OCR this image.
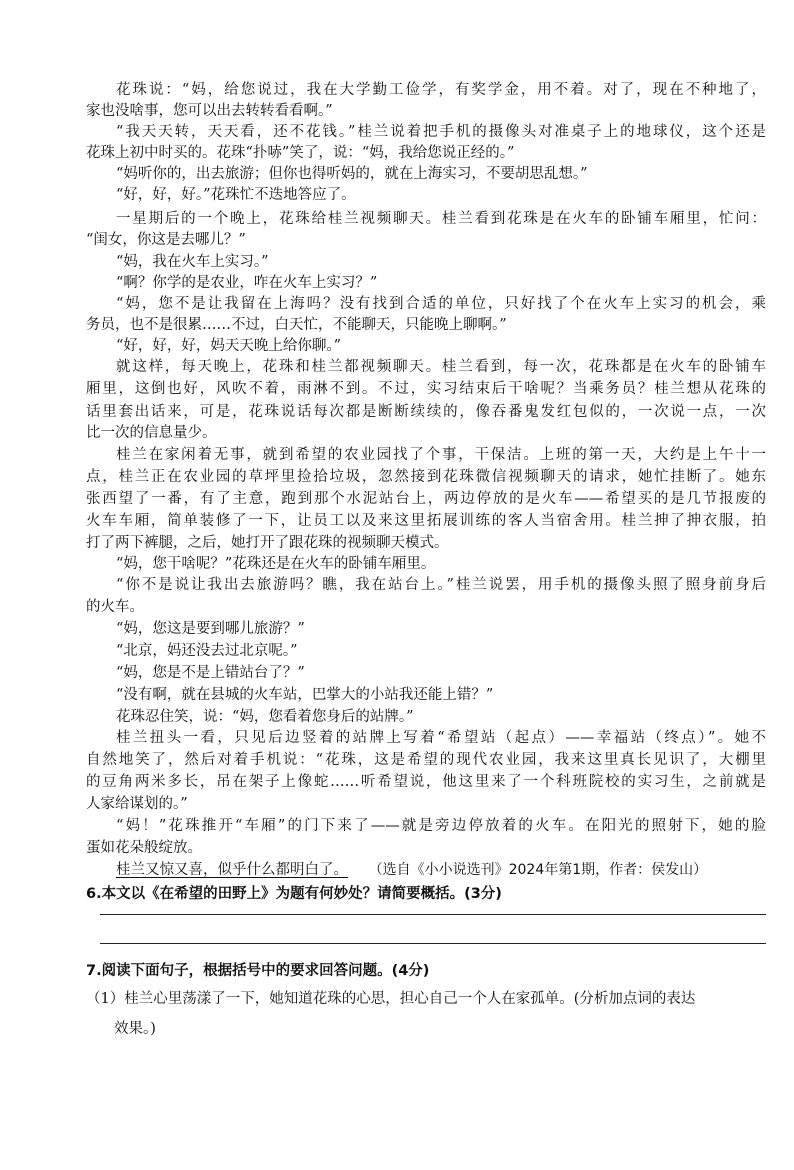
花珠说：“妈，给您说过，我在大学勤工俭学，有奖学金，用不着。对了，现在不种地了，
家也没啥事，您可以出去转转看看啊。”
“我天天转，天天看，还不花钱。”桂兰说着把手机的摄像头对准桌子上的地球仪，这个还是
花珠上初中时买的。花珠“扑哧”笑了，说：“妈，我给您说正经的。”
“妈听你的，出去旅游；但你也得听妈的，就在上海实习，不要胡思乱想。”
“好，好，好。”花珠忙不迭地答应了。
一星期后的一个晚上，花珠给桂兰视频聊天。桂兰看到花珠是在火车的卧铺车厢里，忙问：
“闺女，你这是去哪儿？”
“妈，我在火车上实习。”
“啊？你学的是农业，咋在火车上实习？”
“妈，您不是让我留在上海吗？没有找到合适的单位，只好找了个在火车上实习的机会，乘
务员，也不是很累……不过，白天忙，不能聊天，只能晚上聊啊。”
“好，好，好，妈天天晚上给你聊。”
就这样，每天晚上，花珠和桂兰都视频聊天。桂兰看到，每一次，花珠都是在火车的卧铺车
厢里，这倒也好，风吹不着，雨淋不到。不过，实习结束后干啥呢？当乘务员？桂兰想从花珠的
话里套出话来，可是，花珠说话每次都是断断续续的，像吞番鬼发红包似的，一次说一点，一次
比一次的信息量少。
桂兰在家闲着无事，就到希望的农业园找了个事，干保洁。上班的第一天，大约是上午十一
点，桂兰正在农业园的草坪里捡拾垃圾，忽然接到花珠微信视频聊天的请求，她忙挂断了。她东
张西望了一番，有了主意，跑到那个水泥站台上，两边停放的是火车——希望买的是几节报废的
火车车厢，简单装修了一下，让员工以及来这里拓展训练的客人当宿舍用。桂兰抻了抻衣服，拍
打了两下裤腿，之后，她打开了跟花珠的视频聊天模式。
“妈，您干啥呢？”花珠还是在火车的卧铺车厢里。
“你不是说让我出去旅游吗？瞧，我在站台上。”桂兰说罢，用手机的摄像头照了照身前身后
的火车。
“妈，您这是要到哪儿旅游？”
“北京，妈还没去过北京呢。”
“妈，您是不是上错站台了？”
“没有啊，就在县城的火车站，巴掌大的小站我还能上错？”
花珠忍住笑，说：“妈，您看着您身后的站牌。”
桂兰扭头一看，只见后边竖着的站牌上写着“希望站（起点）——幸福站（终点）”。她不
自然地笑了，然后对着手机说：“花珠，这是希望的现代农业园，我来这里真长见识了，大棚里
的豆角两米多长，吊在架子上像蛇……听希望说，他这里来了一个科班院校的实习生，之前就是
人家给谋划的。”
“妈！”花珠推开“车厢”的门下来了——就是旁边停放着的火车。在阳光的照射下，她的脸
蛋如花朵般绽放。
桂兰又惊又喜，似乎什么都明白了。 （选自《小小说选刊》2024年第1期，作者：侯发山）
6.本文以《在希望的田野上》为题有何妙处？请简要概括。(3分)
7.阅读下面句子，根据括号中的要求回答问题。(4分)
（1）桂兰心里荡漾了一下，她知道花珠的心思，担心自己一个人在家孤单。(分析加点词的表达
效果。)
